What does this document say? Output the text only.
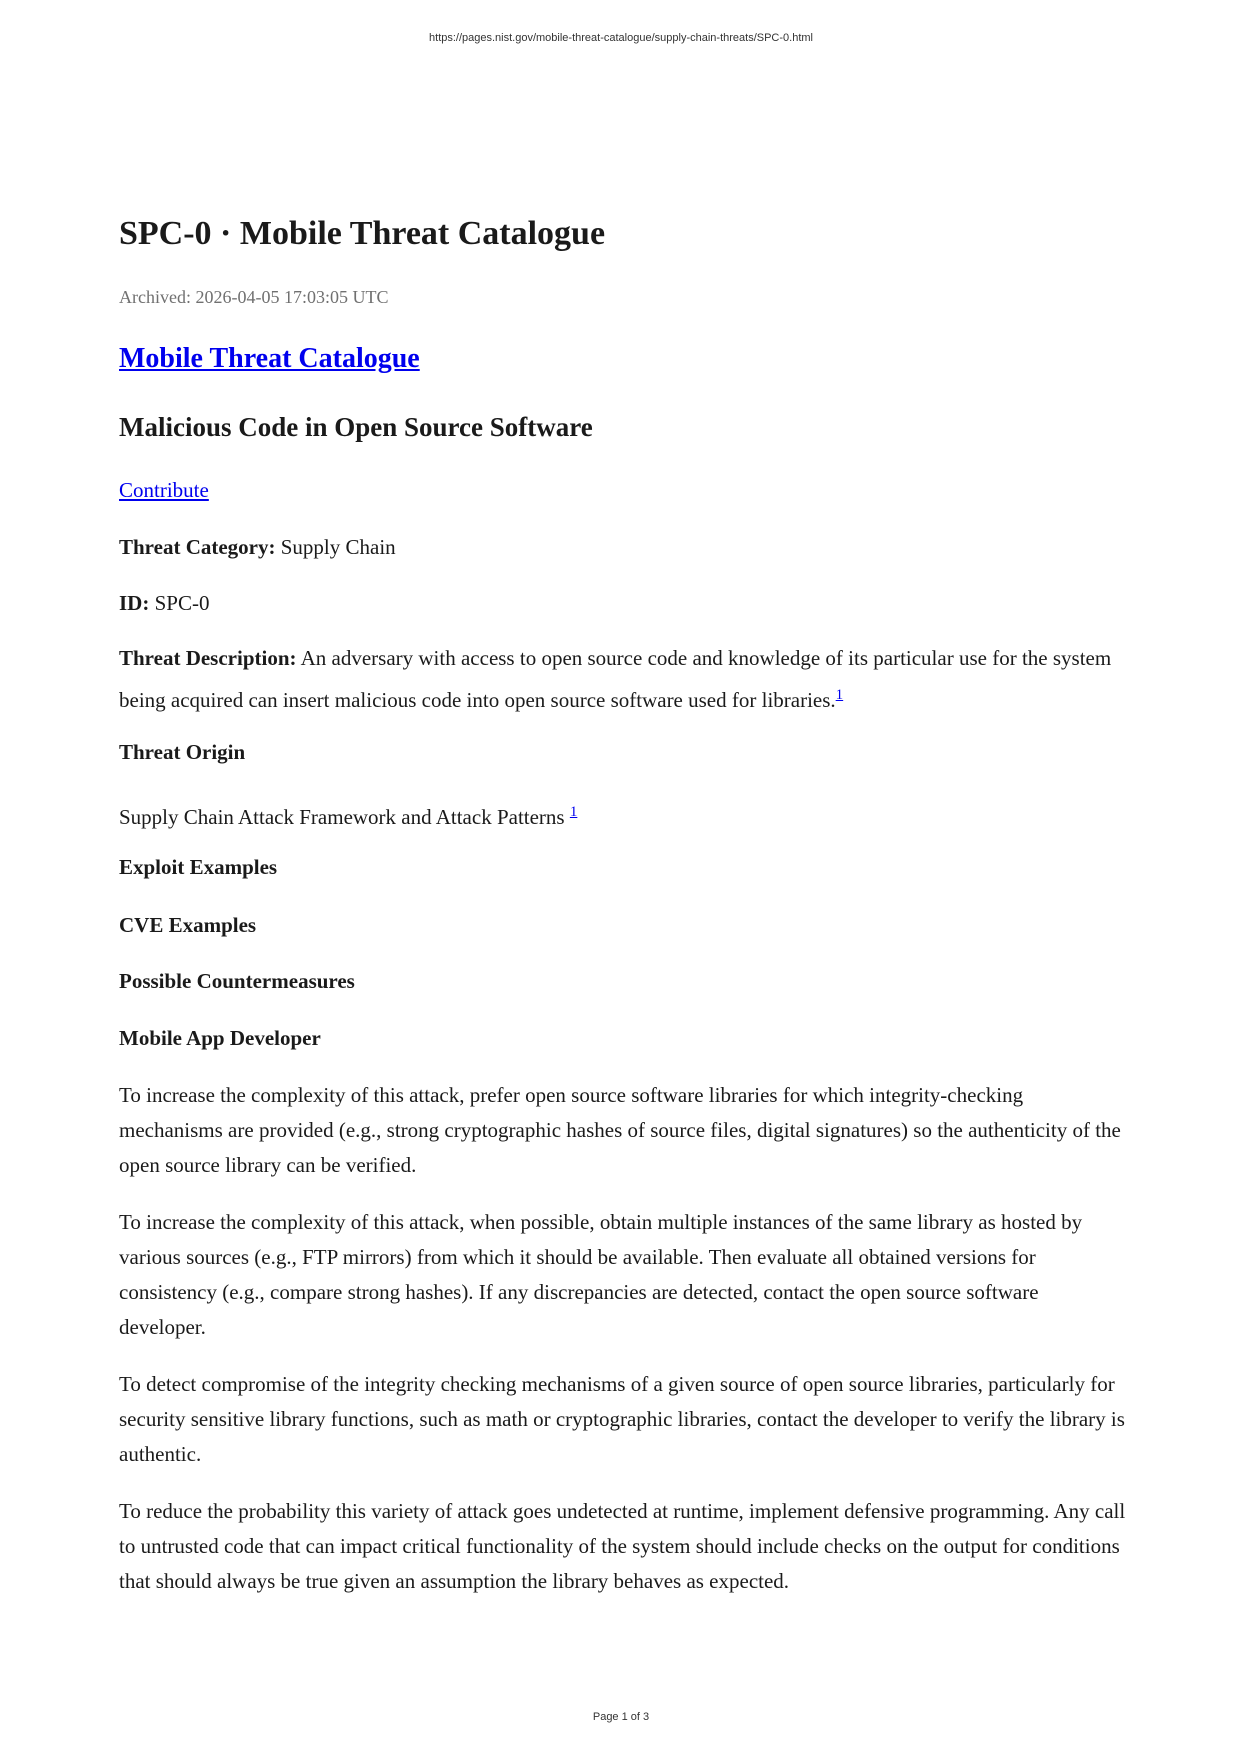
https://pages.nist.gov/mobile-threat-catalogue/supply-chain-threats/SPC-0.html
SPC-0 · Mobile Threat Catalogue

Archived: 2026-04-05 17:03:05 UTC

Mobile Threat Catalogue
Malicious Code in Open Source Software
Contribute

Threat Category: Supply Chain

ID: SPC-0

Threat Description: An adversary with access to open source code and knowledge of its particular use for the system being acquired can insert malicious code into open source software used for libraries.$^1$

Threat Origin

Supply Chain Attack Framework and Attack Patterns $^1$

Exploit Examples

CVE Examples

Possible Countermeasures

Mobile App Developer

To increase the complexity of this attack, prefer open source software libraries for which integrity-checking mechanisms are provided (e.g., strong cryptographic hashes of source files, digital signatures) so the authenticity of the open source library can be verified.

To increase the complexity of this attack, when possible, obtain multiple instances of the same library as hosted by various sources (e.g., FTP mirrors) from which it should be available. Then evaluate all obtained versions for consistency (e.g., compare strong hashes). If any discrepancies are detected, contact the open source software developer.

To detect compromise of the integrity checking mechanisms of a given source of open source libraries, particularly for security sensitive library functions, such as math or cryptographic libraries, contact the developer to verify the library is authentic.

To reduce the probability this variety of attack goes undetected at runtime, implement defensive programming. Any call to untrusted code that can impact critical functionality of the system should include checks on the output for conditions that should always be true given an assumption the library behaves as expected.

Page 1 of 3
